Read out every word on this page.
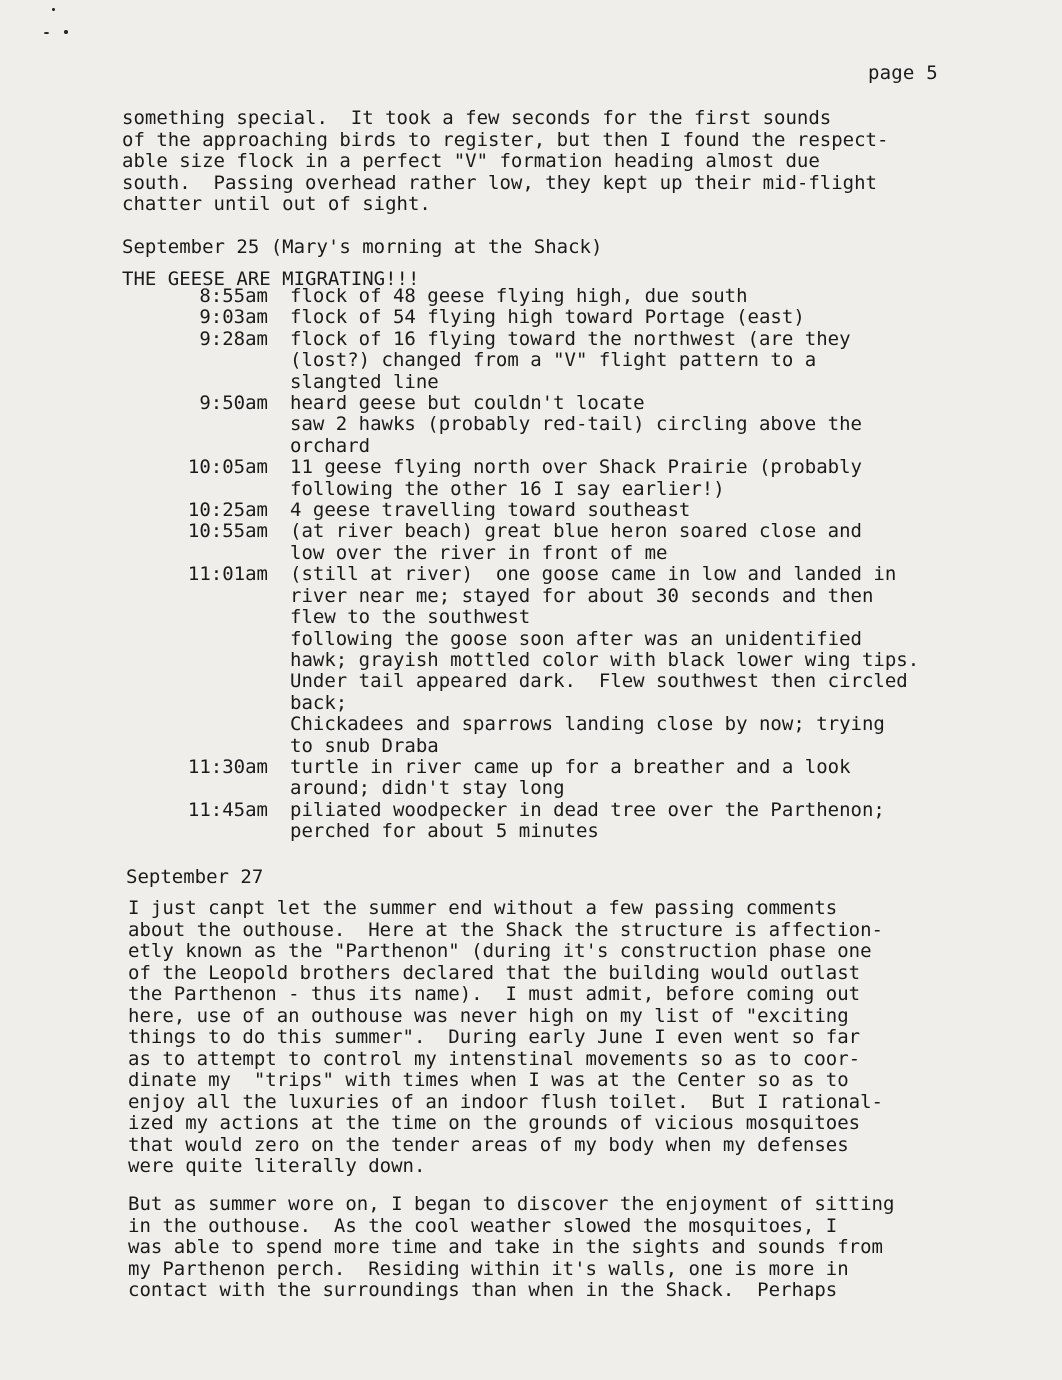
page 5

something special.  It took a few seconds for the first sounds
of the approaching birds to register, but then I found the respect-
able size flock in a perfect "V" formation heading almost due
south.  Passing overhead rather low, they kept up their mid-flight
chatter until out of sight.

September 25 (Mary's morning at the Shack)
THE GEESE ARE MIGRATING!!!
8:55am	flock of 48 geese flying high, due south
9:03am	flock of 54 flying high toward Portage (east)
9:28am	flock of 16 flying toward the northwest (are they
(lost?) changed from a "V" flight pattern to a
slangted line
9:50am	heard geese but couldn't locate
saw 2 hawks (probably red-tail) circling above the
orchard
10:05am	11 geese flying north over Shack Prairie (probably
following the other 16 I say earlier!)
10:25am	4 geese travelling toward southeast
10:55am	(at river beach) great blue heron soared close and
low over the river in front of me
11:01am	(still at river)  one goose came in low and landed in
river near me; stayed for about 30 seconds and then
flew to the southwest
following the goose soon after was an unidentified
hawk; grayish mottled color with black lower wing tips.
Under tail appeared dark.  Flew southwest then circled
back;
Chickadees and sparrows landing close by now; trying
to snub Draba
11:30am	turtle in river came up for a breather and a look
around; didn't stay long
11:45am	piliated woodpecker in dead tree over the Parthenon;
perched for about 5 minutes
September 27

I just canpt let the summer end without a few passing comments
about the outhouse.  Here at the Shack the structure is affection-
etly known as the "Parthenon" (during it's construction phase one
of the Leopold brothers declared that the building would outlast
the Parthenon - thus its name).  I must admit, before coming out
here, use of an outhouse was never high on my list of "exciting
things to do this summer".  During early June I even went so far
as to attempt to control my intenstinal movements so as to coor-
dinate my  "trips" with times when I was at the Center so as to
enjoy all the luxuries of an indoor flush toilet.  But I rational-
ized my actions at the time on the grounds of vicious mosquitoes
that would zero on the tender areas of my body when my defenses
were quite literally down.

But as summer wore on, I began to discover the enjoyment of sitting
in the outhouse.  As the cool weather slowed the mosquitoes, I
was able to spend more time and take in the sights and sounds from
my Parthenon perch.  Residing within it's walls, one is more in
contact with the surroundings than when in the Shack.  Perhaps
